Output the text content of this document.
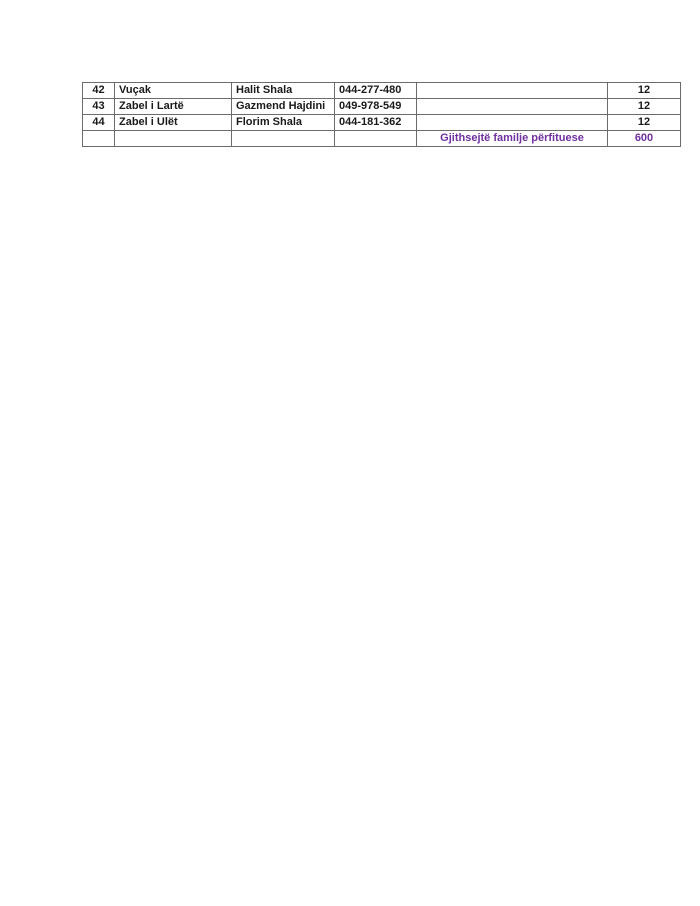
42	Vuçak	Halit Shala	044-277-480		12
43	Zabel i Lartë	Gazmend Hajdini	049-978-549		12
44	Zabel i Ulët	Florim Shala	044-181-362		12
				Gjithsejtë familje përfituese	600
